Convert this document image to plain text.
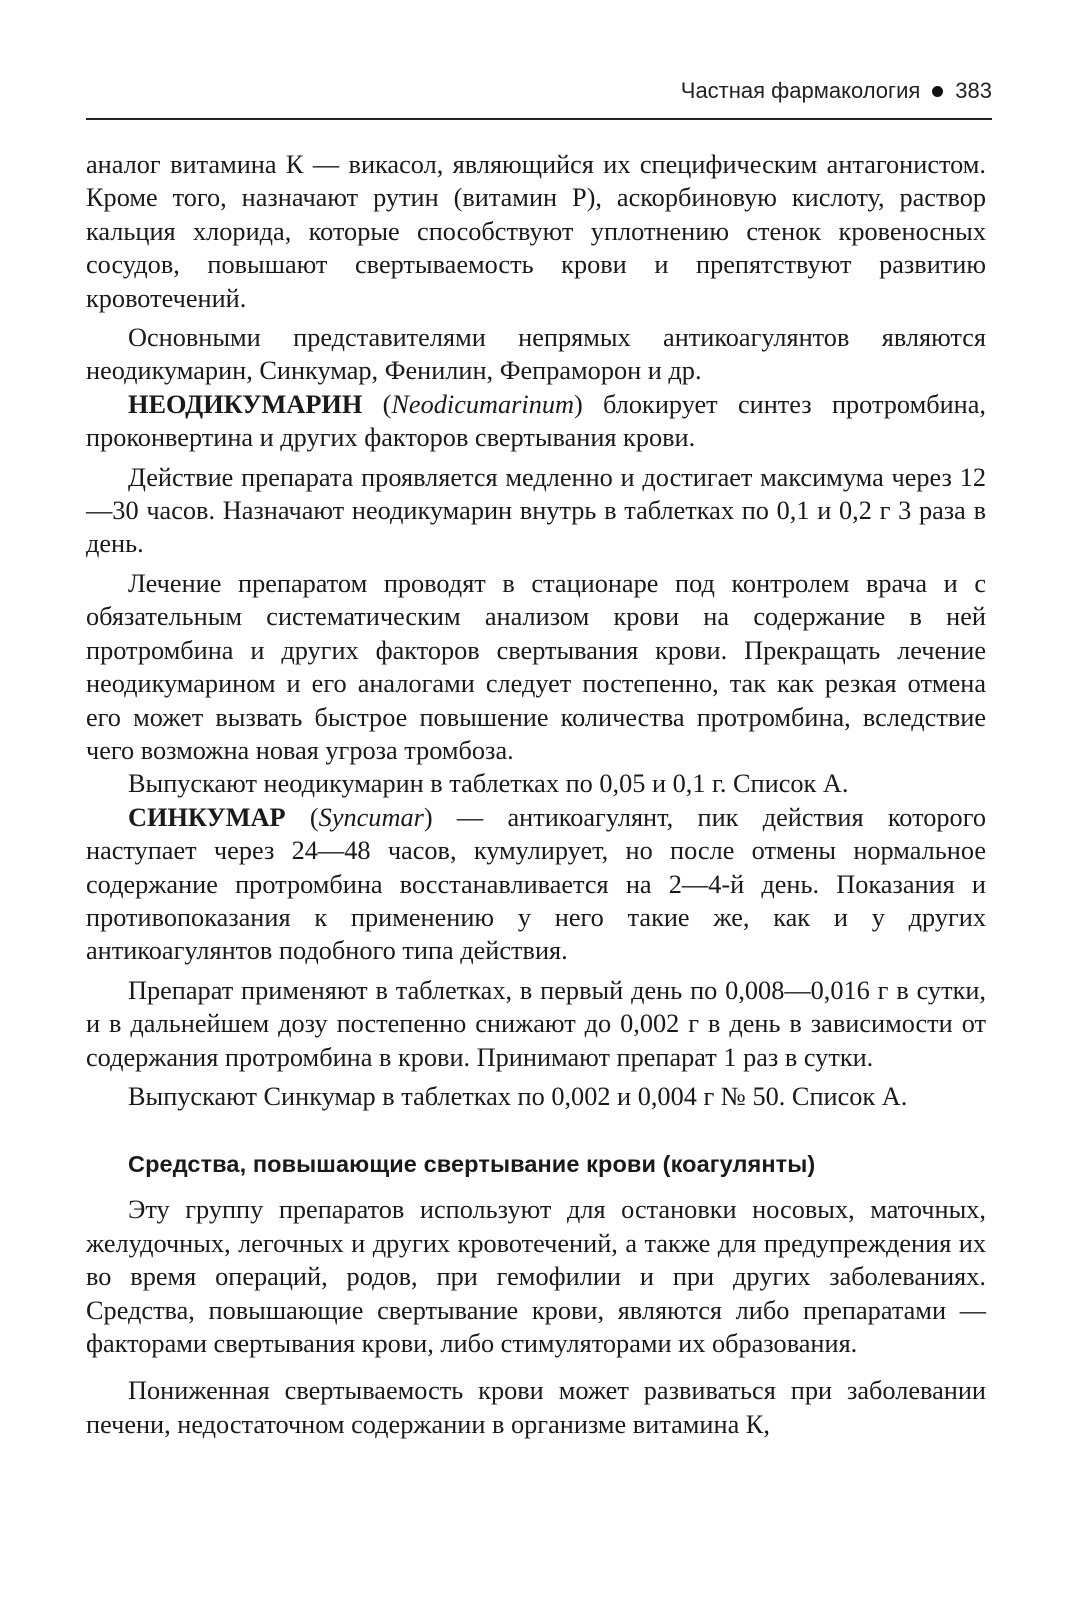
Частная фармакология 383

аналог витамина К — викасол, являющийся их специфическим антагонистом. Кроме того, назначают рутин (витамин Р), аскорбиновую кислоту, раствор кальция хлорида, которые способствуют уплотнению стенок кровеносных сосудов, повышают свертываемость крови и препятствуют развитию кровотечений.

Основными представителями непрямых антикоагулянтов являются неодикумарин, Синкумар, Фенилин, Фепраморон и др.

НЕОДИКУМАРИН (Neodicumarinum) блокирует синтез протромбина, проконвертина и других факторов свертывания крови.

Действие препарата проявляется медленно и достигает максимума через 12—30 часов. Назначают неодикумарин внутрь в таблетках по 0,1 и 0,2 г 3 раза в день.

Лечение препаратом проводят в стационаре под контролем врача и с обязательным систематическим анализом крови на содержание в ней протромбина и других факторов свертывания крови. Прекращать лечение неодикумарином и его аналогами следует постепенно, так как резкая отмена его может вызвать быстрое повышение количества протромбина, вследствие чего возможна новая угроза тромбоза.

Выпускают неодикумарин в таблетках по 0,05 и 0,1 г. Список А.

СИНКУМАР (Syncumar) — антикоагулянт, пик действия которого наступает через 24—48 часов, кумулирует, но после отмены нормальное содержание протромбина восстанавливается на 2—4-й день. Показания и противопоказания к применению у него такие же, как и у других антикоагулянтов подобного типа действия.

Препарат применяют в таблетках, в первый день по 0,008—0,016 г в сутки, и в дальнейшем дозу постепенно снижают до 0,002 г в день в зависимости от содержания протромбина в крови. Принимают препарат 1 раз в сутки.

Выпускают Синкумар в таблетках по 0,002 и 0,004 г № 50. Список А.

Средства, повышающие свертывание крови (коагулянты)

Эту группу препаратов используют для остановки носовых, маточных, желудочных, легочных и других кровотечений, а также для предупреждения их во время операций, родов, при гемофилии и при других заболеваниях. Средства, повышающие свертывание крови, являются либо препаратами — факторами свертывания крови, либо стимуляторами их образования.

Пониженная свертываемость крови может развиваться при заболевании печени, недостаточном содержании в организме витамина К,
